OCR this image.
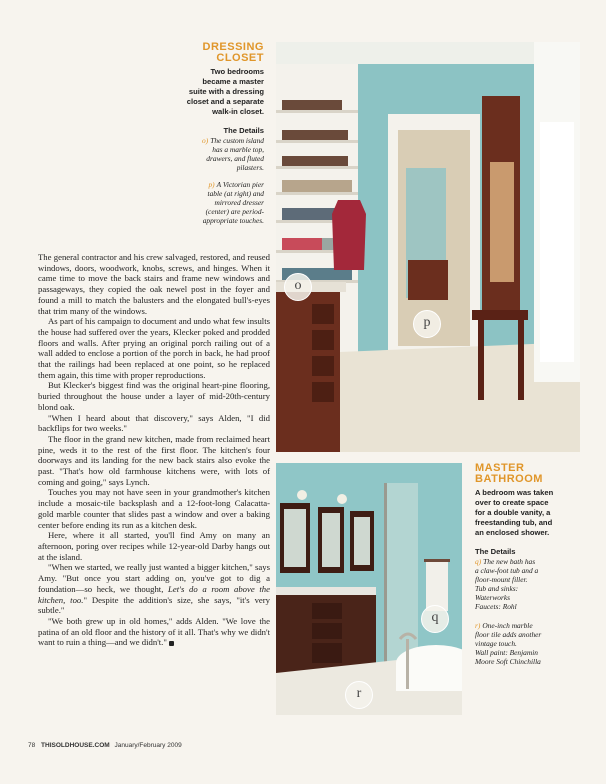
o
p
DRESSING
CLOSET
Two bedrooms
became a master
suite with a dressing
closet and a separate
walk-in closet.
The Details
o) The custom island
has a marble top,
drawers, and fluted
pilasters.
p) A Victorian pier
table (at right) and
mirrored dresser
(center) are period-
appropriate touches.
q
r
MASTER
BATHROOM
A bedroom was taken
over to create space
for a double vanity, a
freestanding tub, and
an enclosed shower.
The Details
q) The new bath has
a claw-foot tub and a
floor-mount filler.
Tub and sinks:
Waterworks
Faucets: Rohl
r) One-inch marble
floor tile adds another
vintage touch.
Wall paint: Benjamin
Moore Soft Chinchilla

The general contractor and his crew salvaged, restored, and reused windows, doors, woodwork, knobs, screws, and hinges. When it came time to move the back stairs and frame new windows and passageways, they copied the oak newel post in the foyer and found a mill to match the balusters and the elongated bull's-eyes that trim many of the windows.

As part of his campaign to document and undo what few insults the house had suffered over the years, Klecker poked and prodded floors and walls. After prying an original porch railing out of a wall added to enclose a portion of the porch in back, he had proof that the railings had been replaced at one point, so he replaced them again, this time with proper reproductions.

But Klecker's biggest find was the original heart-pine flooring, buried throughout the house under a layer of mid-20th-century blond oak.

"When I heard about that discovery," says Alden, "I did backflips for two weeks."

The floor in the grand new kitchen, made from reclaimed heart pine, weds it to the rest of the first floor. The kitchen's four doorways and its landing for the new back stairs also evoke the past. "That's how old farmhouse kitchens were, with lots of coming and going," says Lynch.

Touches you may not have seen in your grandmother's kitchen include a mosaic-tile backsplash and a 12-foot-long Calacatta-gold marble counter that slides past a window and over a baking center before ending its run as a kitchen desk.

Here, where it all started, you'll find Amy on many an afternoon, poring over recipes while 12-year-old Darby hangs out at the island.

"When we started, we really just wanted a bigger kitchen," says Amy. "But once you start adding on, you've got to dig a foundation—so heck, we thought, Let's do a room above the kitchen, too." Despite the addition's size, she says, "it's very subtle."

"We both grew up in old homes," adds Alden. "We love the patina of an old floor and the history of it all. That's why we didn't want to ruin a thing—and we didn't."

78 THISOLDHOUSE.COM January/February 2009
